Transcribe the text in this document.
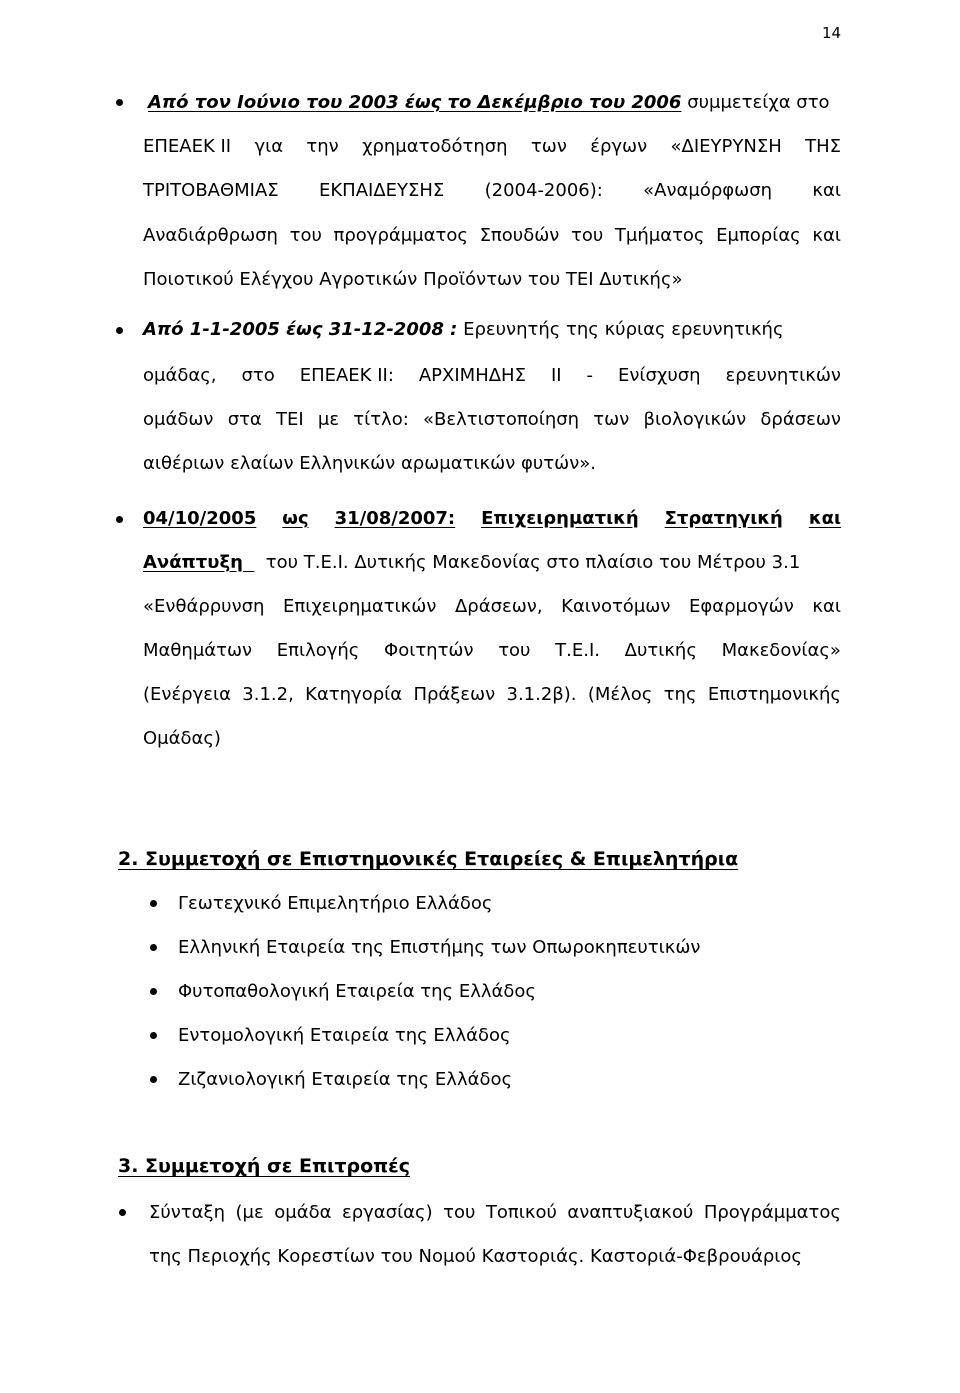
14
Από τον Ιούνιο του 2003 έως το Δεκέμβριο του 2006 συμμετείχα στο
ΕΠΕΑΕΚ ΙΙ για την χρηματοδότηση των έργων «ΔΙΕΥΡΥΝΣΗ ΤΗΣ
ΤΡΙΤΟΒΑΘΜΙΑΣ ΕΚΠΑΙΔΕΥΣΗΣ (2004-2006): «Αναμόρφωση και
Αναδιάρθρωση του προγράμματος Σπουδών του Τμήματος Εμπορίας και
Ποιοτικού Ελέγχου Αγροτικών Προϊόντων του ΤΕΙ Δυτικής»
Από 1-1-2005 έως 31-12-2008 : Ερευνητής της κύριας ερευνητικής
ομάδας, στο ΕΠΕΑΕΚ ΙΙ: ΑΡΧΙΜΗΔΗΣ ΙΙ - Ενίσχυση ερευνητικών
ομάδων στα ΤΕΙ με τίτλο: «Βελτιστοποίηση των βιολογικών δράσεων
αιθέριων ελαίων Ελληνικών αρωματικών φυτών».
04/10/2005 ως 31/08/2007: Επιχειρηματική Στρατηγική και
Ανάπτυξη του Τ.Ε.Ι. Δυτικής Μακεδονίας στο πλαίσιο του Μέτρου 3.1
«Ενθάρρυνση Επιχειρηματικών Δράσεων, Καινοτόμων Εφαρμογών και
Μαθημάτων Επιλογής Φοιτητών του Τ.Ε.Ι. Δυτικής Μακεδονίας»
(Ενέργεια 3.1.2, Κατηγορία Πράξεων 3.1.2β). (Μέλος της Επιστημονικής
Ομάδας)
2. Συμμετοχή σε Επιστημονικές Εταιρείες & Επιμελητήρια
Γεωτεχνικό Επιμελητήριο Ελλάδος
Ελληνική Εταιρεία της Επιστήμης των Οπωροκηπευτικών
Φυτοπαθολογική Εταιρεία της Ελλάδος
Εντομολογική Εταιρεία της Ελλάδος
Ζιζανιολογική Εταιρεία της Ελλάδος
3. Συμμετοχή σε Επιτροπές
Σύνταξη (με ομάδα εργασίας) του Τοπικού αναπτυξιακού Προγράμματος
της Περιοχής Κορεστίων του Νομού Καστοριάς. Καστοριά-Φεβρουάριος
